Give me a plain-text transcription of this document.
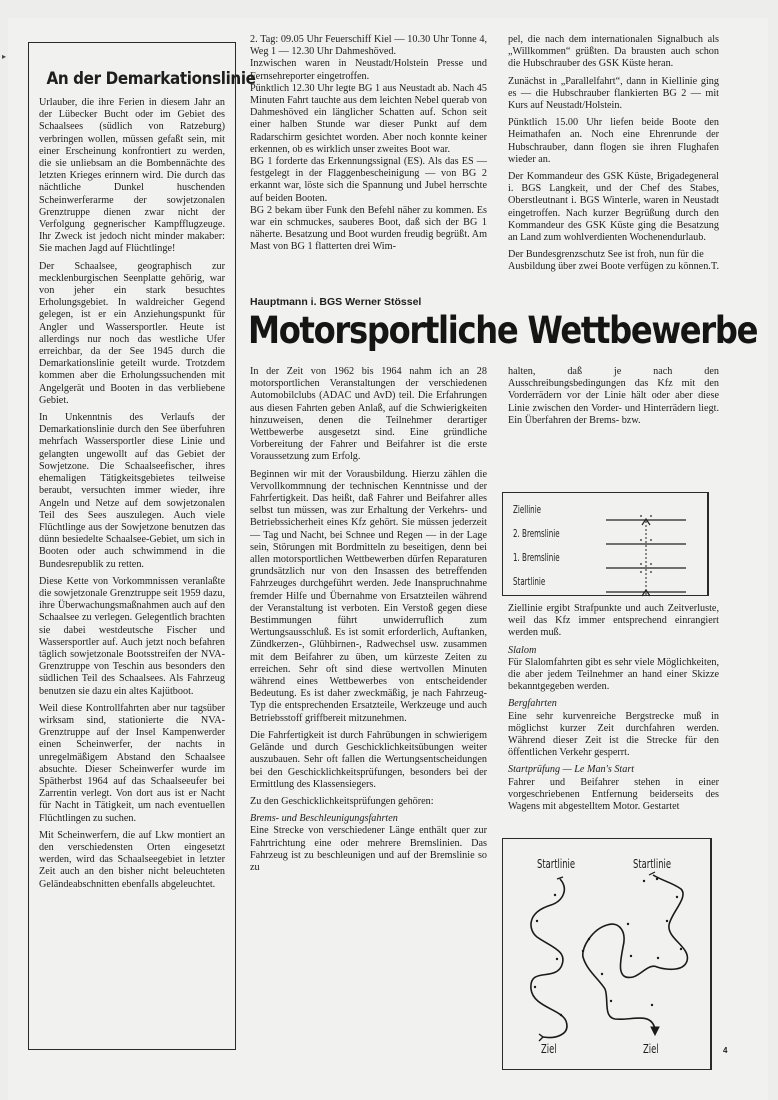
▸
An der Demarkationslinie

Urlauber, die ihre Ferien in diesem Jahr an der Lübecker Bucht oder im Gebiet des Schaalsees (südlich von Ratzeburg) verbringen wollen, müssen gefaßt sein, mit einer Erscheinung konfrontiert zu werden, die sie unliebsam an die Bombennächte des letzten Krieges erinnern wird. Die durch das nächtliche Dunkel huschenden Scheinwerferarme der sowjetzonalen Grenztruppe dienen zwar nicht der Verfolgung gegnerischer Kampfflugzeuge. Ihr Zweck ist jedoch nicht minder makaber: Sie machen Jagd auf Flüchtlinge!

Der Schaalsee, geographisch zur mecklenburgischen Seenplatte gehörig, war von jeher ein stark besuchtes Erholungsgebiet. In waldreicher Gegend gelegen, ist er ein Anziehungspunkt für Angler und Wassersportler. Heute ist allerdings nur noch das westliche Ufer erreichbar, da der See 1945 durch die Demarkationslinie geteilt wurde. Trotzdem kommen aber die Erholungssuchenden mit Angelgerät und Booten in das verbliebene Gebiet.

In Unkenntnis des Verlaufs der Demarkationslinie durch den See überfuhren mehrfach Wassersportler diese Linie und gelangten ungewollt auf das Gebiet der Sowjetzone. Die Schaalseefischer, ihres ehemaligen Tätigkeitsgebietes teilweise beraubt, versuchten immer wieder, ihre Angeln und Netze auf dem sowjetzonalen Teil des Sees auszulegen. Auch viele Flüchtlinge aus der Sowjetzone benutzen das dünn besiedelte Schaalsee-Gebiet, um sich in Booten oder auch schwimmend in die Bundesrepublik zu retten.

Diese Kette von Vorkommnissen veranlaßte die sowjetzonale Grenztruppe seit 1959 dazu, ihre Überwachungsmaßnahmen auch auf den Schaalsee zu verlegen. Gelegentlich brachten sie dabei westdeutsche Fischer und Wassersportler auf. Auch jetzt noch befahren täglich sowjetzonale Bootsstreifen der NVA-Grenztruppe von Teschin aus besonders den südlichen Teil des Schaalsees. Als Fahrzeug benutzen sie dazu ein altes Kajütboot.

Weil diese Kontrollfahrten aber nur tagsüber wirksam sind, stationierte die NVA-Grenztruppe auf der Insel Kampenwerder einen Scheinwerfer, der nachts in unregelmäßigem Abstand den Schaalsee absuchte. Dieser Scheinwerfer wurde im Spätherbst 1964 auf das Schaalseeufer bei Zarrentin verlegt. Von dort aus ist er Nacht für Nacht in Tätigkeit, um nach eventuellen Flüchtlingen zu suchen.

Mit Scheinwerfern, die auf Lkw montiert an den verschiedensten Orten eingesetzt werden, wird das Schaalseegebiet in letzter Zeit auch an den bisher nicht beleuchteten Geländeabschnitten ebenfalls abgeleuchtet.

2. Tag: 09.05 Uhr Feuerschiff Kiel — 10.30 Uhr Tonne 4, Weg 1 — 12.30 Uhr Dahmeshöved.

Inzwischen waren in Neustadt/Holstein Presse und Fernsehreporter eingetroffen.

Pünktlich 12.30 Uhr legte BG 1 aus Neustadt ab. Nach 45 Minuten Fahrt tauchte aus dem leichten Nebel querab von Dahmeshöved ein länglicher Schatten auf. Schon seit einer halben Stunde war dieser Punkt auf dem Radarschirm gesichtet worden. Aber noch konnte keiner erkennen, ob es wirklich unser zweites Boot war.

BG 1 forderte das Erkennungssignal (ES). Als das ES — festgelegt in der Flaggenbescheinigung — von BG 2 erkannt war, löste sich die Spannung und Jubel herrschte auf beiden Booten.

BG 2 bekam über Funk den Befehl näher zu kommen. Es war ein schmuckes, sauberes Boot, daß sich der BG 1 näherte. Besatzung und Boot wurden freudig begrüßt. Am Mast von BG 1 flatterten drei Wim-

pel, die nach dem internationalen Signalbuch als „Willkommen“ grüßten. Da brausten auch schon die Hubschrauber des GSK Küste heran.

Zunächst in „Parallelfahrt“, dann in Kiellinie ging es — die Hubschrauber flankierten BG 2 — mit Kurs auf Neustadt/Holstein.

Pünktlich 15.00 Uhr liefen beide Boote den Heimathafen an. Noch eine Ehrenrunde der Hubschrauber, dann flogen sie ihren Flughafen wieder an.

Der Kommandeur des GSK Küste, Brigadegeneral i. BGS Langkeit, und der Chef des Stabes, Oberstleutnant i. BGS Winterle, waren in Neustadt eingetroffen. Nach kurzer Begrüßung durch den Kommandeur des GSK Küste ging die Besatzung an Land zum wohlverdienten Wochenendurlaub.

Der Bundesgrenzschutz See ist froh, nun für die Ausbildung über zwei Boote verfügen zu können. T.

Hauptmann i. BGS Werner Stössel
Motorsportliche Wettbewerbe

In der Zeit von 1962 bis 1964 nahm ich an 28 motorsportlichen Veranstaltungen der verschiedenen Automobilclubs (ADAC und AvD) teil. Die Erfahrungen aus diesen Fahrten geben Anlaß, auf die Schwierigkeiten hinzuweisen, denen die Teilnehmer derartiger Wettbewerbe ausgesetzt sind. Eine gründliche Vorbereitung der Fahrer und Beifahrer ist die erste Voraussetzung zum Erfolg.

Beginnen wir mit der Vorausbildung. Hierzu zählen die Vervollkommnung der technischen Kenntnisse und der Fahrfertigkeit. Das heißt, daß Fahrer und Beifahrer alles selbst tun müssen, was zur Erhaltung der Verkehrs- und Betriebssicherheit eines Kfz gehört. Sie müssen jederzeit — Tag und Nacht, bei Schnee und Regen — in der Lage sein, Störungen mit Bordmitteln zu beseitigen, denn bei allen motorsportlichen Wettbewerben dürfen Reparaturen grundsätzlich nur von den Insassen des betreffenden Fahrzeuges durchgeführt werden. Jede Inanspruchnahme fremder Hilfe und Übernahme von Ersatzteilen während der Veranstaltung ist verboten. Ein Verstoß gegen diese Bestimmungen führt unwiderruflich zum Wertungsausschluß. Es ist somit erforderlich, Auftanken, Zündkerzen-, Glühbirnen-, Radwechsel usw. zusammen mit dem Beifahrer zu üben, um kürzeste Zeiten zu erreichen. Sehr oft sind diese wertvollen Minuten während eines Wettbewerbes von entscheidender Bedeutung. Es ist daher zweckmäßig, je nach Fahrzeug-Typ die entsprechenden Ersatzteile, Werkzeuge und auch Betriebsstoff griffbereit mitzunehmen.

Die Fahrfertigkeit ist durch Fahrübungen in schwierigem Gelände und durch Geschicklichkeitsübungen weiter auszubauen. Sehr oft fallen die Wertungsentscheidungen bei den Geschicklichkeitsprüfungen, besonders bei der Ermittlung des Klassensiegers.

Zu den Geschicklichkeitsprüfungen gehören:

Brems- und Beschleunigungsfahrten

Eine Strecke von verschiedener Länge enthält quer zur Fahrtrichtung eine oder mehrere Bremslinien. Das Fahrzeug ist zu beschleunigen und auf der Bremslinie so zu

halten, daß je nach den Ausschreibungsbedingungen das Kfz mit den Vorderrädern vor der Linie hält oder aber diese Linie zwischen den Vorder- und Hinterrädern liegt. Ein Überfahren der Brems- bzw.

Ziellinie
2. Bremslinie
1. Bremslinie
Startlinie

Ziellinie ergibt Strafpunkte und auch Zeitverluste, weil das Kfz immer entsprechend einrangiert werden muß.

Slalom

Für Slalomfahrten gibt es sehr viele Möglichkeiten, die aber jedem Teilnehmer an hand einer Skizze bekanntgegeben werden.

Bergfahrten

Eine sehr kurvenreiche Bergstrecke muß in möglichst kurzer Zeit durchfahren werden. Während dieser Zeit ist die Strecke für den öffentlichen Verkehr gesperrt.

Startprüfung — Le Man's Start

Fahrer und Beifahrer stehen in einer vorgeschriebenen Entfernung beiderseits des Wagens mit abgestelltem Motor. Gestartet

Startlinie	Startlinie
Ziel	Ziel	4
